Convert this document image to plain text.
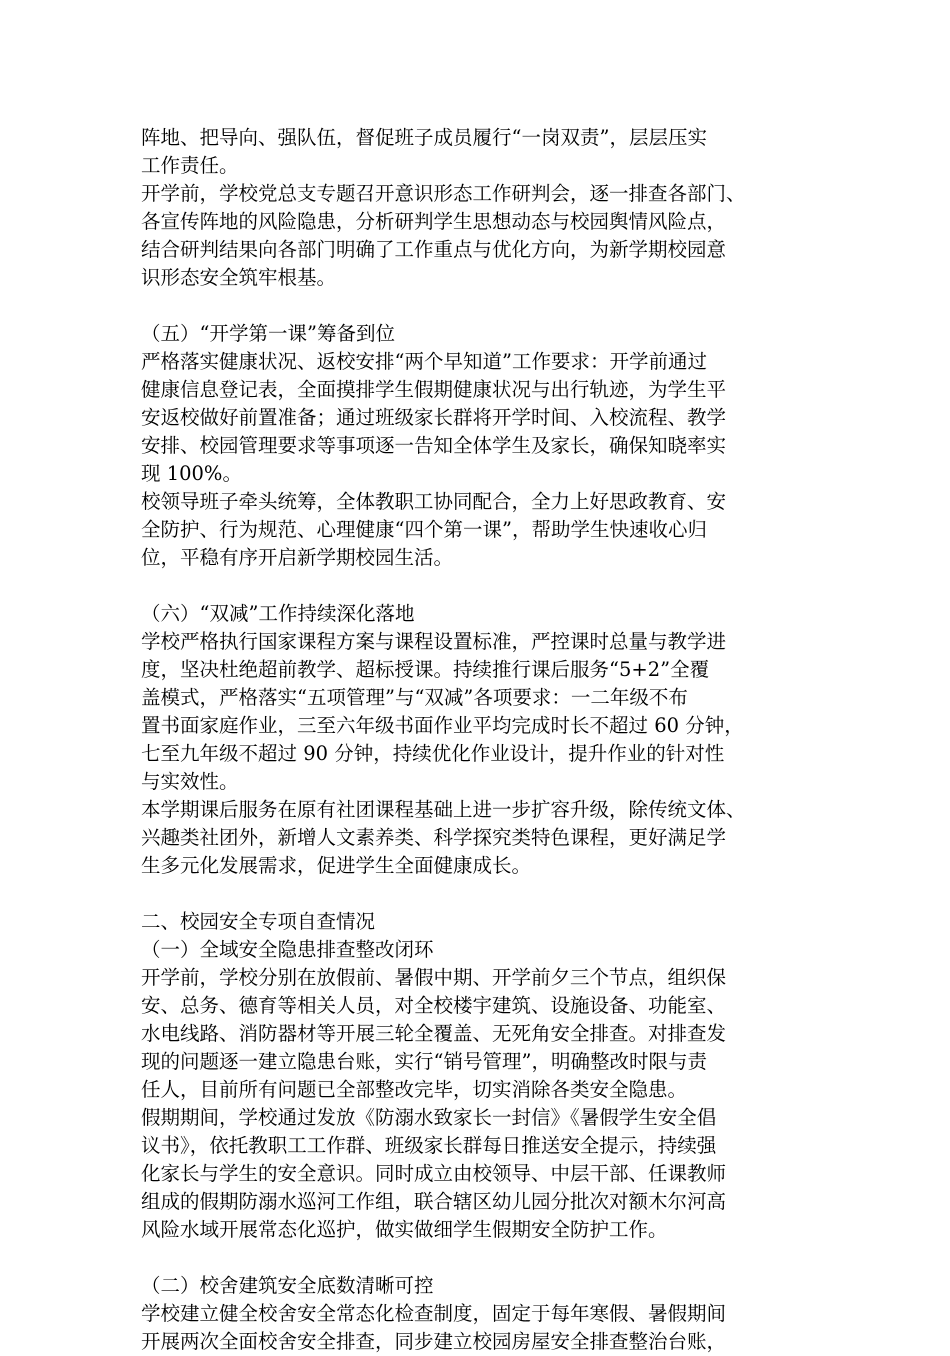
阵地、把导向、强队伍，督促班子成员履行“一岗双责”，层层压实
工作责任。
开学前，学校党总支专题召开意识形态工作研判会，逐一排查各部门、
各宣传阵地的风险隐患，分析研判学生思想动态与校园舆情风险点，
结合研判结果向各部门明确了工作重点与优化方向，为新学期校园意
识形态安全筑牢根基。
（五）“开学第一课”筹备到位
严格落实健康状况、返校安排“两个早知道”工作要求：开学前通过
健康信息登记表，全面摸排学生假期健康状况与出行轨迹，为学生平
安返校做好前置准备；通过班级家长群将开学时间、入校流程、教学
安排、校园管理要求等事项逐一告知全体学生及家长，确保知晓率实
现 100%。
校领导班子牵头统筹，全体教职工协同配合，全力上好思政教育、安
全防护、行为规范、心理健康“四个第一课”，帮助学生快速收心归
位，平稳有序开启新学期校园生活。
（六）“双减”工作持续深化落地
学校严格执行国家课程方案与课程设置标准，严控课时总量与教学进
度，坚决杜绝超前教学、超标授课。持续推行课后服务“5+2”全覆
盖模式，严格落实“五项管理”与“双减”各项要求：一二年级不布
置书面家庭作业，三至六年级书面作业平均完成时长不超过 60 分钟，
七至九年级不超过 90 分钟，持续优化作业设计，提升作业的针对性
与实效性。
本学期课后服务在原有社团课程基础上进一步扩容升级，除传统文体、
兴趣类社团外，新增人文素养类、科学探究类特色课程，更好满足学
生多元化发展需求，促进学生全面健康成长。
二、校园安全专项自查情况
（一）全域安全隐患排查整改闭环
开学前，学校分别在放假前、暑假中期、开学前夕三个节点，组织保
安、总务、德育等相关人员，对全校楼宇建筑、设施设备、功能室、
水电线路、消防器材等开展三轮全覆盖、无死角安全排查。对排查发
现的问题逐一建立隐患台账，实行“销号管理”，明确整改时限与责
任人，目前所有问题已全部整改完毕，切实消除各类安全隐患。
假期期间，学校通过发放《防溺水致家长一封信》《暑假学生安全倡
议书》，依托教职工工作群、班级家长群每日推送安全提示，持续强
化家长与学生的安全意识。同时成立由校领导、中层干部、任课教师
组成的假期防溺水巡河工作组，联合辖区幼儿园分批次对额木尔河高
风险水域开展常态化巡护，做实做细学生假期安全防护工作。
（二）校舍建筑安全底数清晰可控
学校建立健全校舍安全常态化检查制度，固定于每年寒假、暑假期间
开展两次全面校舍安全排查，同步建立校园房屋安全排查整治台账，
